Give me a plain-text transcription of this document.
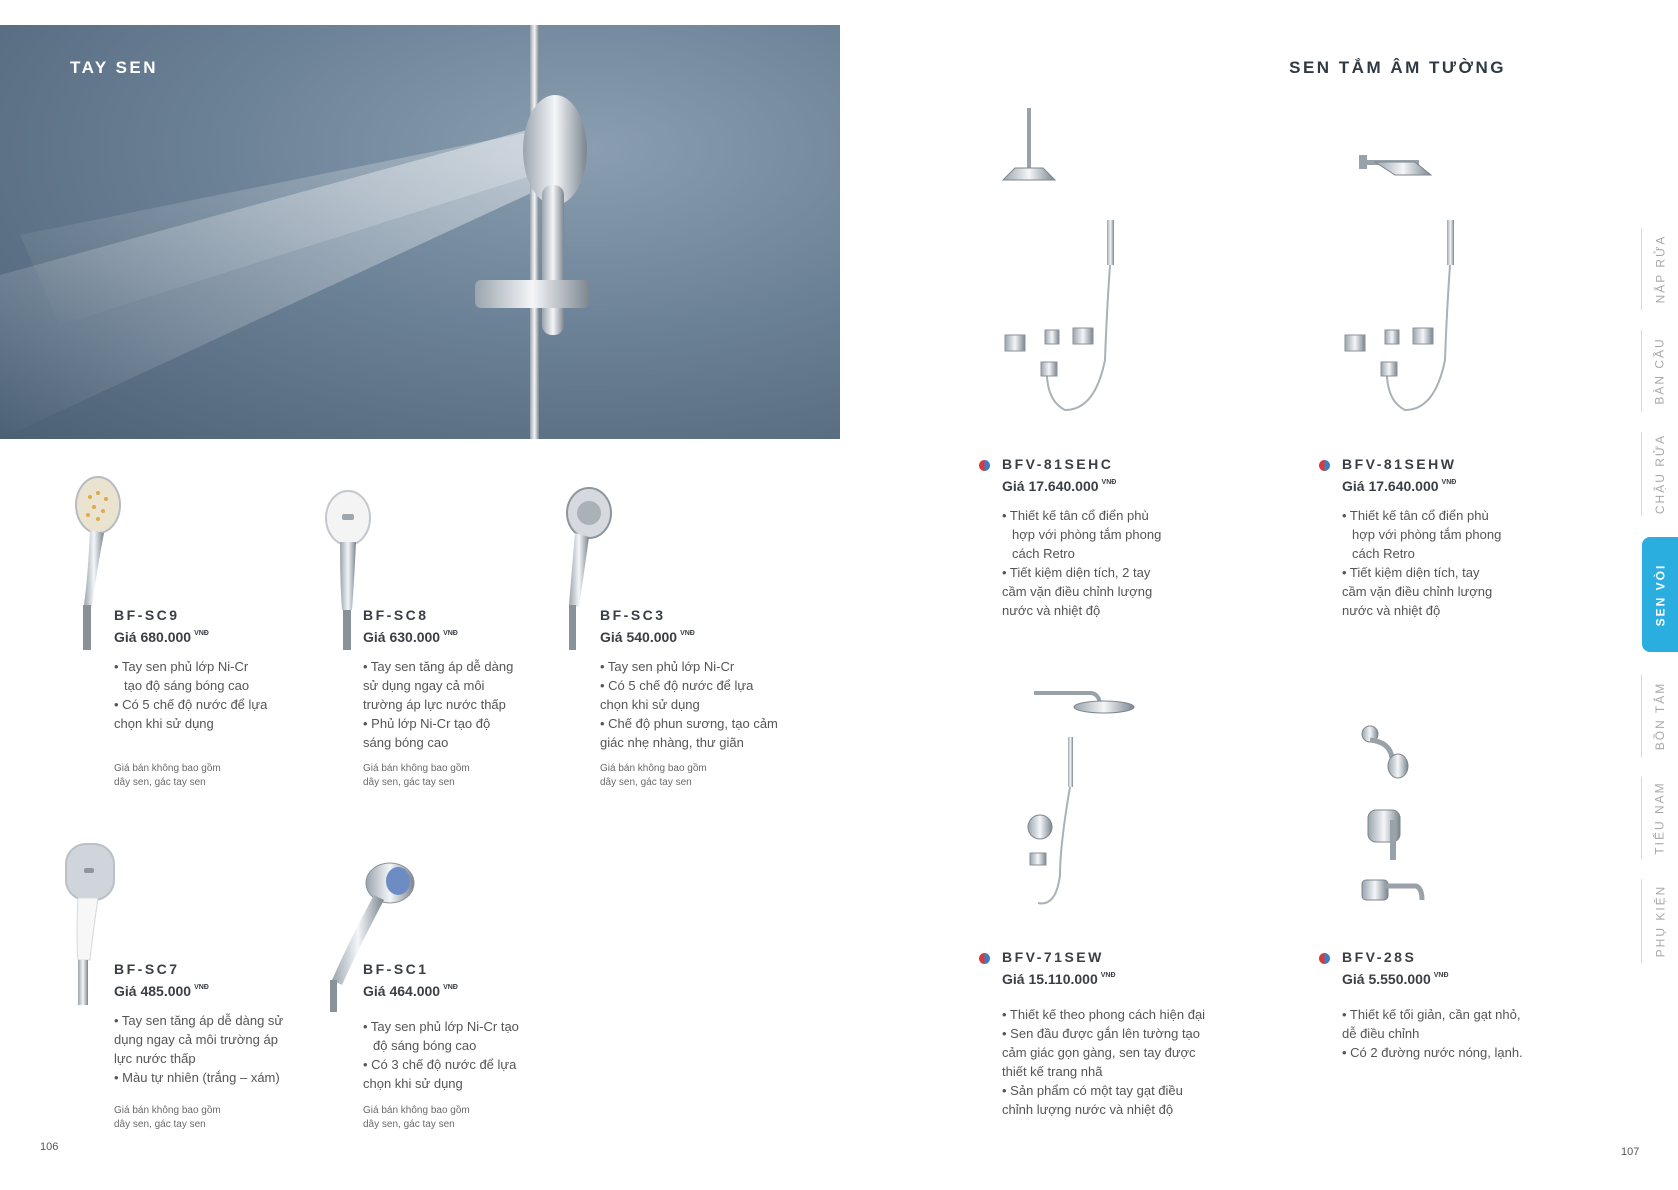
TAY SEN
BF-SC9
Giá 680.000 $^{VNĐ}$
• Tay sen phủ lớp Ni-Cr
tạo độ sáng bóng cao
• Có 5 chế độ nước để lựa
chọn khi sử dụng
Giá bán không bao gồm
dây sen, gác tay sen
BF-SC8
Giá 630.000 $^{VNĐ}$
• Tay sen tăng áp dễ dàng
sử dụng ngay cả môi
trường áp lực nước thấp
• Phủ lớp Ni-Cr tạo độ
sáng bóng cao
Giá bán không bao gồm
dây sen, gác tay sen
BF-SC3
Giá 540.000 $^{VNĐ}$
• Tay sen phủ lớp Ni-Cr
• Có 5 chế độ nước để lựa
chọn khi sử dụng
• Chế độ phun sương, tạo cảm
giác nhẹ nhàng, thư giãn
Giá bán không bao gồm
dây sen, gác tay sen
BF-SC7
Giá 485.000 $^{VNĐ}$
• Tay sen tăng áp dễ dàng sử
dụng ngay cả môi trường áp
lực nước thấp
• Màu tự nhiên (trắng – xám)
Giá bán không bao gồm
dây sen, gác tay sen
BF-SC1
Giá 464.000 $^{VNĐ}$
• Tay sen phủ lớp Ni-Cr tạo
độ sáng bóng cao
• Có 3 chế độ nước để lựa
chọn khi sử dụng
Giá bán không bao gồm
dây sen, gác tay sen
106
SEN TẮM ÂM TƯỜNG
BFV-81SEHC
Giá 17.640.000 $^{VNĐ}$
• Thiết kế tân cổ điển phù
hợp với phòng tắm phong
cách Retro
• Tiết kiệm diện tích, 2 tay
cầm vặn điều chỉnh lượng
nước và nhiệt độ
BFV-81SEHW
Giá 17.640.000 $^{VNĐ}$
• Thiết kế tân cổ điển phù
hợp với phòng tắm phong
cách Retro
• Tiết kiệm diện tích, tay
cầm vặn điều chỉnh lượng
nước và nhiệt độ
BFV-71SEW
Giá 15.110.000 $^{VNĐ}$
• Thiết kế theo phong cách hiện đại
• Sen đầu được gắn lên tường tạo
cảm giác gọn gàng, sen tay được
thiết kế trang nhã
• Sản phẩm có một tay gạt điều
chỉnh lượng nước và nhiệt độ
BFV-28S
Giá 5.550.000 $^{VNĐ}$
• Thiết kế tối giản, cần gạt nhỏ,
dễ điều chỉnh
• Có 2 đường nước nóng, lạnh.
107
NẮP RỬA
BÀN CẦU
CHẬU RỬA
SEN VÒI
BỒN TẮM
TIỂU NAM
PHỤ KIỆN
